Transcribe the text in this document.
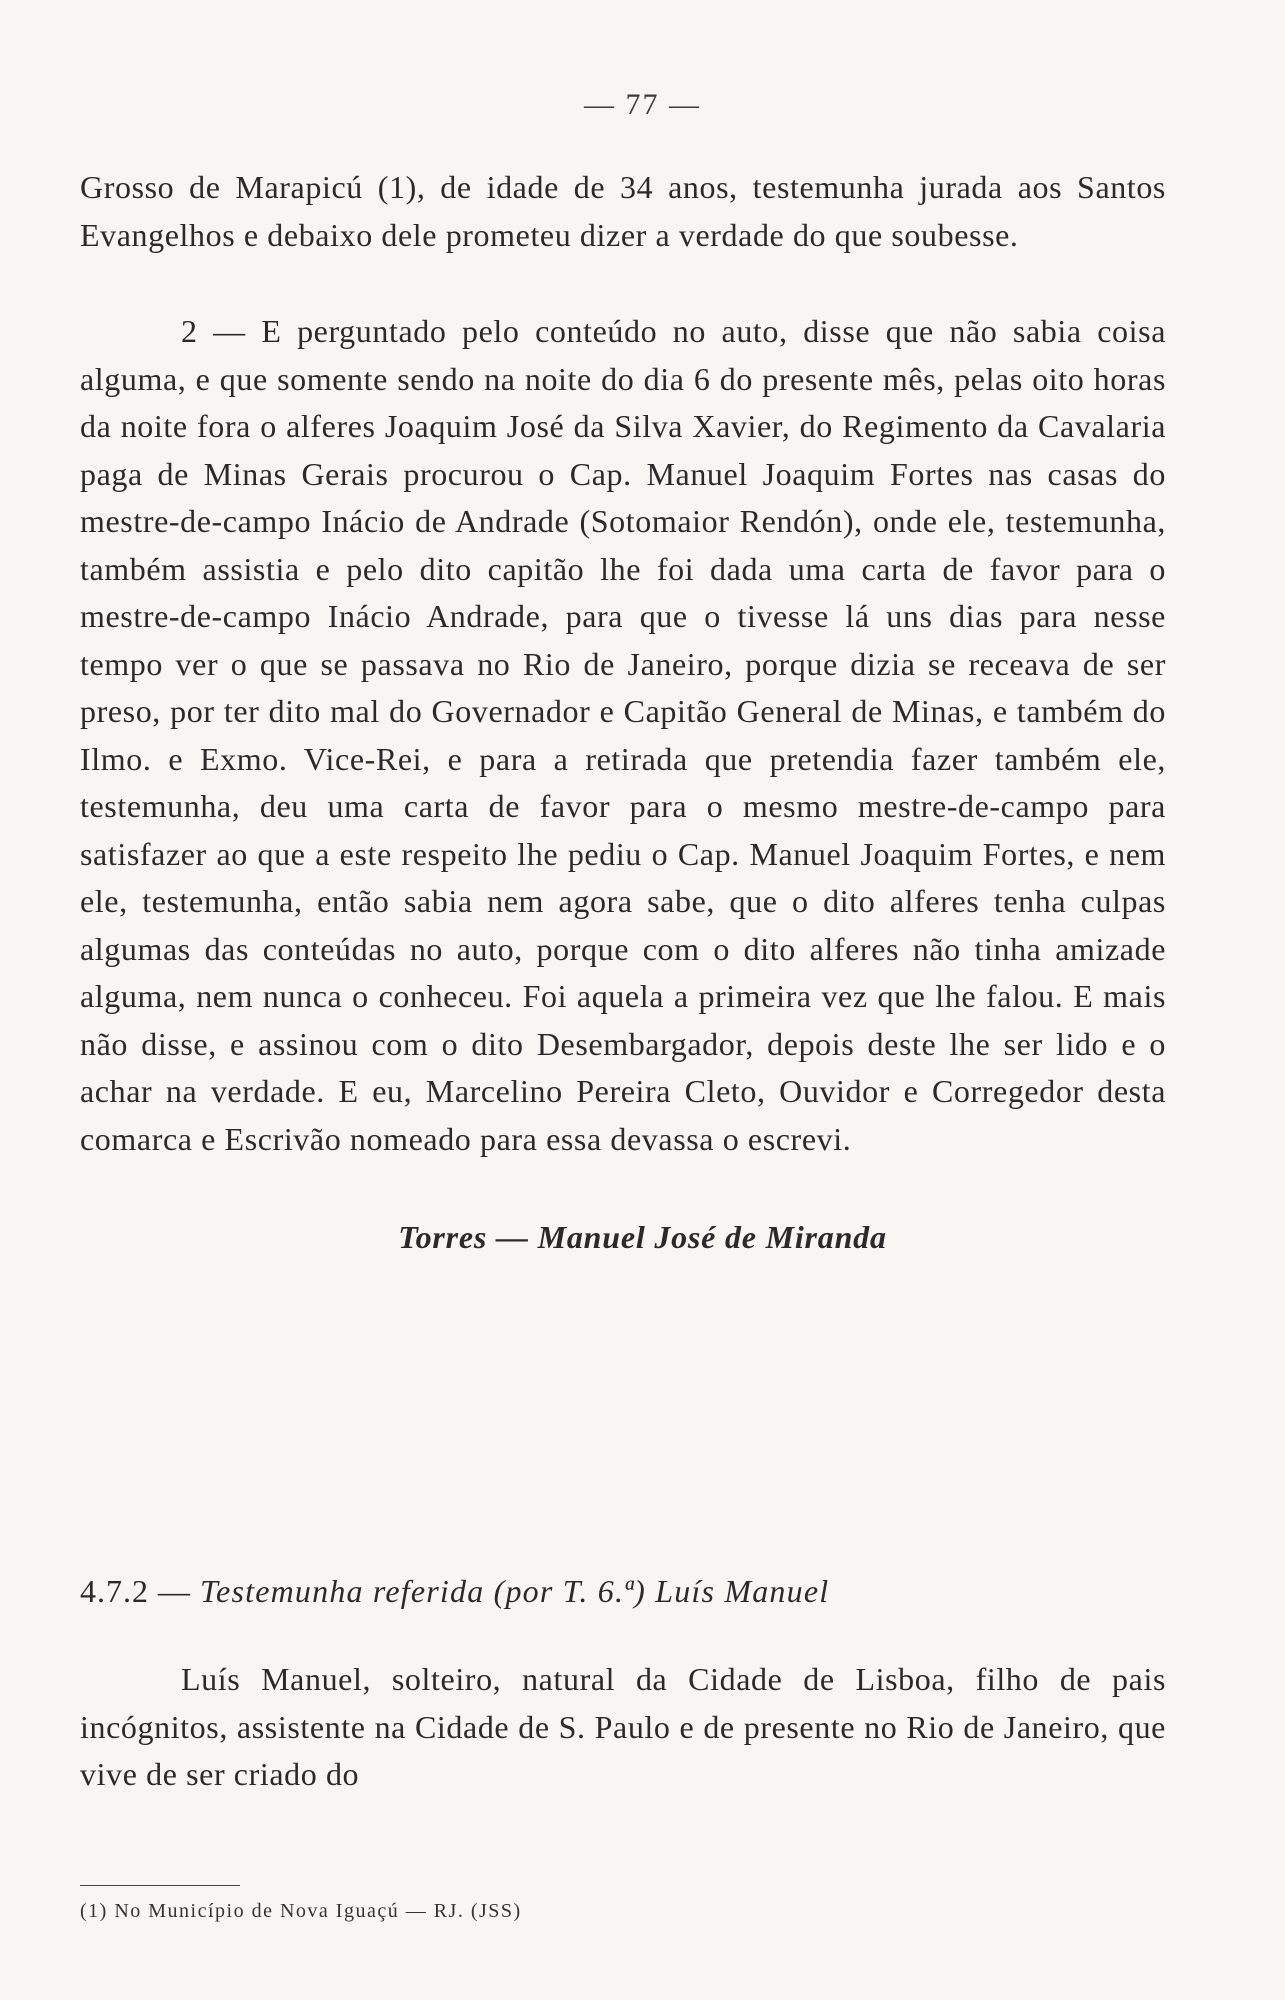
— 77 —

Grosso de Marapicú (1), de idade de 34 anos, testemunha jurada aos Santos Evangelhos e debaixo dele prometeu dizer a verdade do que soubesse.

2 — E perguntado pelo conteúdo no auto, disse que não sabia coisa alguma, e que somente sendo na noite do dia 6 do presente mês, pelas oito horas da noite fora o alferes Joaquim José da Silva Xavier, do Regimento da Cavalaria paga de Minas Gerais procurou o Cap. Manuel Joaquim Fortes nas casas do mestre-de-campo Inácio de Andrade (Sotomaior Rendón), onde ele, testemunha, também assistia e pelo dito capitão lhe foi dada uma carta de favor para o mestre-de-campo Inácio Andrade, para que o tivesse lá uns dias para nesse tempo ver o que se passava no Rio de Janeiro, porque dizia se receava de ser preso, por ter dito mal do Governador e Capitão General de Minas, e também do Ilmo. e Exmo. Vice-Rei, e para a retirada que pretendia fazer também ele, testemunha, deu uma carta de favor para o mesmo mestre-de-campo para satisfazer ao que a este respeito lhe pediu o Cap. Manuel Joaquim Fortes, e nem ele, testemunha, então sabia nem agora sabe, que o dito alferes tenha culpas algumas das conteúdas no auto, porque com o dito alferes não tinha amizade alguma, nem nunca o conheceu. Foi aquela a primeira vez que lhe falou. E mais não disse, e assinou com o dito Desembargador, depois deste lhe ser lido e o achar na verdade. E eu, Marcelino Pereira Cleto, Ouvidor e Corregedor desta comarca e Escrivão nomeado para essa devassa o escrevi.

Torres — Manuel José de Miranda
4.7.2 — Testemunha referida (por T. 6.ª) Luís Manuel

Luís Manuel, solteiro, natural da Cidade de Lisboa, filho de pais incógnitos, assistente na Cidade de S. Paulo e de presente no Rio de Janeiro, que vive de ser criado do

(1) No Município de Nova Iguaçú — RJ. (JSS)
